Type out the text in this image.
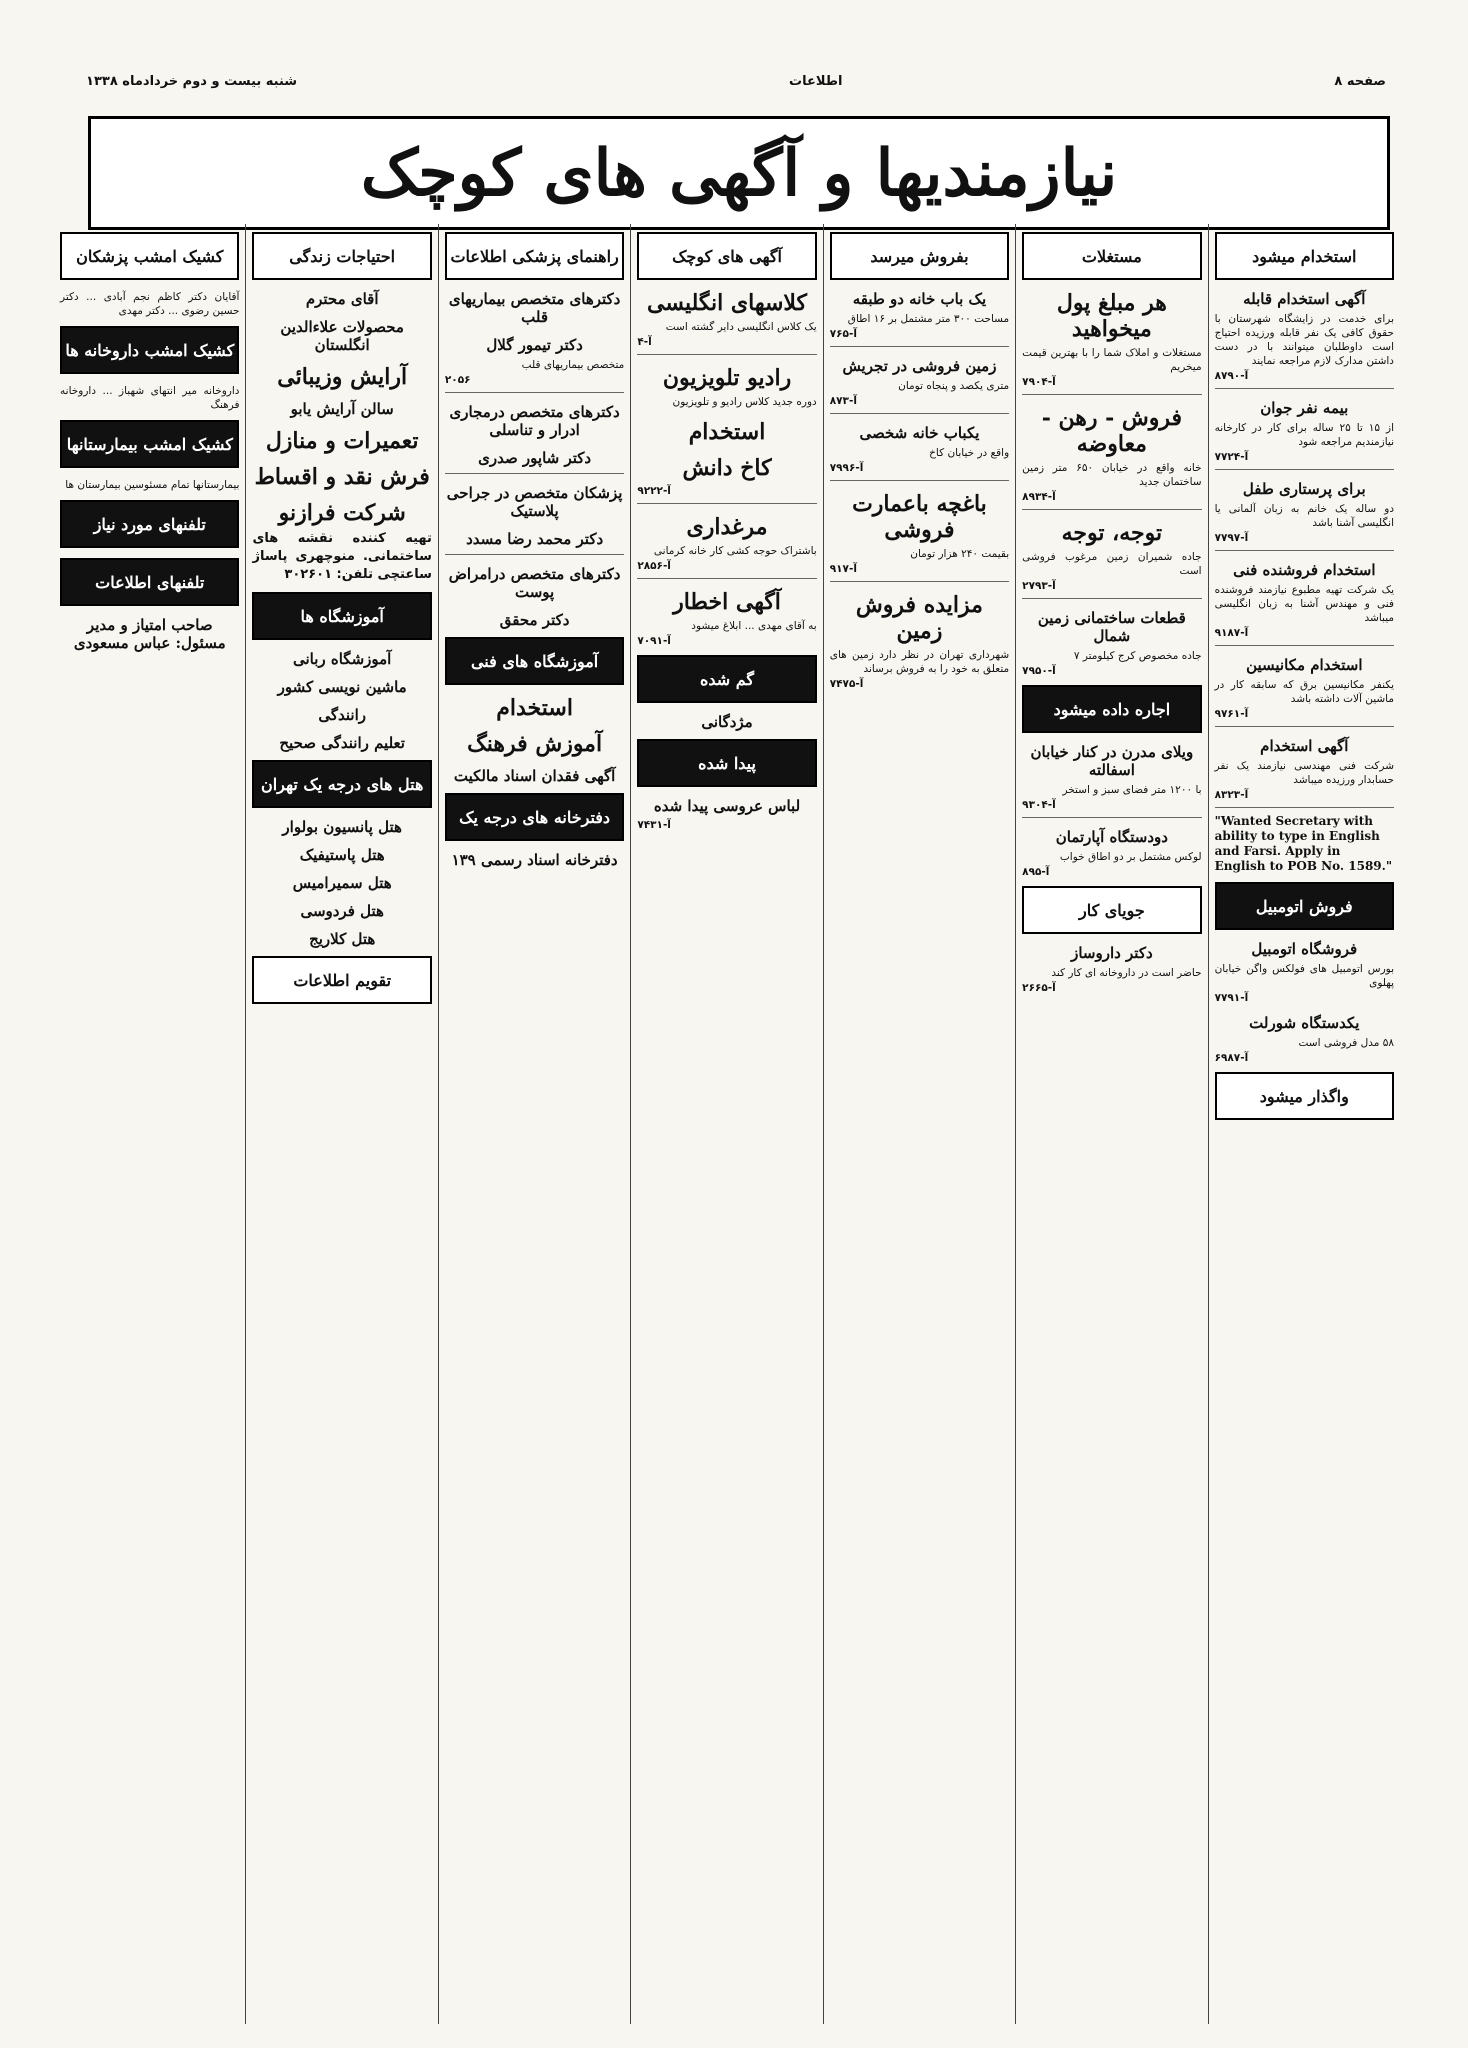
صفحه ۸
اطلاعات
شنبه بیست و دوم خردادماه ۱۳۳۸
نیازمندیها و آگهی های کوچک
استخدام میشود
آگهی استخدام قابله
برای خدمت در زایشگاه شهرستان با حقوق کافی یک نفر قابله ورزیده احتیاج است داوطلبان میتوانند با در دست داشتن مدارک لازم مراجعه نمایند
آ-۸۷۹۰
بیمه نفر جوان
از ۱۵ تا ۲۵ ساله برای کار در کارخانه نیازمندیم مراجعه شود
آ-۷۷۲۴
برای پرستاری طفل
دو ساله یک خانم به زبان آلمانی یا انگلیسی آشنا باشد
آ-۷۷۹۷
استخدام فروشنده فنی
یک شرکت تهیه مطبوع نیازمند فروشنده فنی و مهندس آشنا به زبان انگلیسی میباشد
آ-۹۱۸۷
استخدام مکانیسین
یکنفر مکانیسین برق که سابقه کار در ماشین آلات داشته باشد
آ-۹۷۶۱
آگهی استخدام
شرکت فنی مهندسی نیازمند یک نفر حسابدار ورزیده میباشد
آ-۸۳۲۳
"Wanted Secretary with ability to type in English and Farsi. Apply in English to POB No. 1589."
فروش اتومبیل
فروشگاه اتومبیل
بورس اتومبیل های فولکس واگن خیابان پهلوی
آ-۷۷۹۱
یکدستگاه شورلت
۵۸ مدل فروشی است
آ-۶۹۸۷
واگذار میشود
مستغلات
هر مبلغ پول میخواهید
مستغلات و املاک شما را با بهترین قیمت میخریم
آ-۷۹۰۴
فروش - رهن - معاوضه
خانه واقع در خیابان ۶۵۰ متر زمین ساختمان جدید
آ-۸۹۳۴
توجه، توجه
جاده شمیران زمین مرغوب فروشی است
آ-۲۷۹۳
قطعات ساختمانی زمین شمال
جاده مخصوص کرج کیلومتر ۷
آ-۷۹۵۰
اجاره داده میشود
ویلای مدرن در کنار خیابان اسفالته
با ۱۲۰۰ متر فضای سبز و استخر
آ-۹۳۰۴
دودستگاه آپارتمان
لوکس مشتمل بر دو اطاق خواب
آ-۸۹۵
جویای کار
دکتر داروساز
حاضر است در داروخانه ای کار کند
آ-۲۶۶۵
بفروش میرسد
یک باب خانه دو طبقه
مساحت ۳۰۰ متر مشتمل بر ۱۶ اطاق
آ-۷۶۵
زمین فروشی در تجریش
متری یکصد و پنجاه تومان
آ-۸۷۳
یکباب خانه شخصی
واقع در خیابان کاخ
آ-۷۹۹۶
باغچه باعمارت فروشی
بقیمت ۲۴۰ هزار تومان
آ-۹۱۷
مزایده فروش زمین
شهرداری تهران در نظر دارد زمین های متعلق به خود را به فروش برساند
آ-۷۴۷۵
آگهی های کوچک
کلاسهای انگلیسی
یک کلاس انگلیسی دایر گشته است
آ-۴
رادیو تلویزیون
دوره جدید کلاس رادیو و تلویزیون
استخدام
کاخ دانش
آ-۹۲۲۲
مرغداری
باشتراک حوجه کشی کار خانه کرمانی
آ-۲۸۵۶
آگهی اخطار
به آقای مهدی ... ابلاغ میشود
آ-۷۰۹۱
گم شده
مژدگانی
پیدا شده
لباس عروسی پیدا شده
آ-۷۴۳۱
راهنمای پزشکی اطلاعات
دکترهای متخصص بیماریهای قلب
دکتر تیمور گلال
متخصص بیماریهای قلب
۲۰۵۶
دکترهای متخصص درمجاری ادرار و تناسلی
دکتر شاپور صدری
پزشکان متخصص در جراحی پلاستیک
دکتر محمد رضا مسدد
دکترهای متخصص درامراض پوست
دکتر محقق
آموزشگاه های فنی
استخدام
آموزش فرهنگ
آگهی فقدان اسناد مالکیت
دفترخانه های درجه یک
دفترخانه اسناد رسمی ۱۳۹
احتیاجات زندگی
آقای محترم
محصولات علاءالدین انگلستان
آرایش وزیبائی
سالن آرایش یابو
تعمیرات و منازل
فرش نقد و اقساط
شرکت فرازنو
تهیه کننده نقشه های ساختمانی. منوچهری پاساژ ساعتچی تلفن: ۳۰۲۶۰۱
آموزشگاه ها
آموزشگاه ربانی
ماشین نویسی کشور
رانندگی
تعلیم رانندگی صحیح
هتل های درجه یک تهران
هتل پانسیون بولوار
هتل پاستیفیک
هتل سمیرامیس
هتل فردوسی
هتل کلاریج
تقویم اطلاعات
کشیک امشب پزشکان
آقایان دکتر کاظم نجم آبادی ... دکتر حسین رضوی ... دکتر مهدی
کشیک امشب داروخانه ها
داروخانه میر انتهای شهباز ... داروخانه فرهنگ
کشیک امشب بیمارستانها
بیمارستانها تمام مسئوسین بیمارستان ها
تلفنهای مورد نیاز
تلفنهای اطلاعات
صاحب امتیاز و مدیر مسئول: عباس مسعودی
